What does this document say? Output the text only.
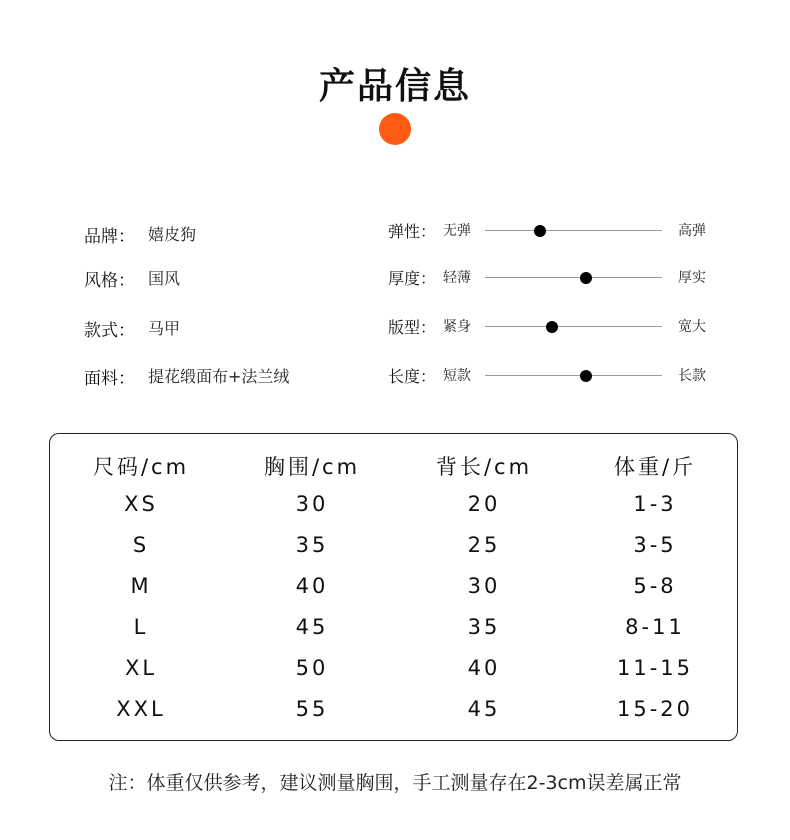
产品信息
品牌： 嬉皮狗
风格： 国风
款式： 马甲
面料： 提花缎面布+法兰绒
弹性： 无弹	高弹
厚度： 轻薄	厚实
版型： 紧身	宽大
长度： 短款	长款
尺码/cm	胸围/cm	背长/cm	体重/斤
XS	30	20	1-3
S	35	25	3-5
M	40	30	5-8
L	45	35	8-11
XL	50	40	11-15
XXL	55	45	15-20
注：体重仅供参考，建议测量胸围，手工测量存在2-3cm误差属正常
